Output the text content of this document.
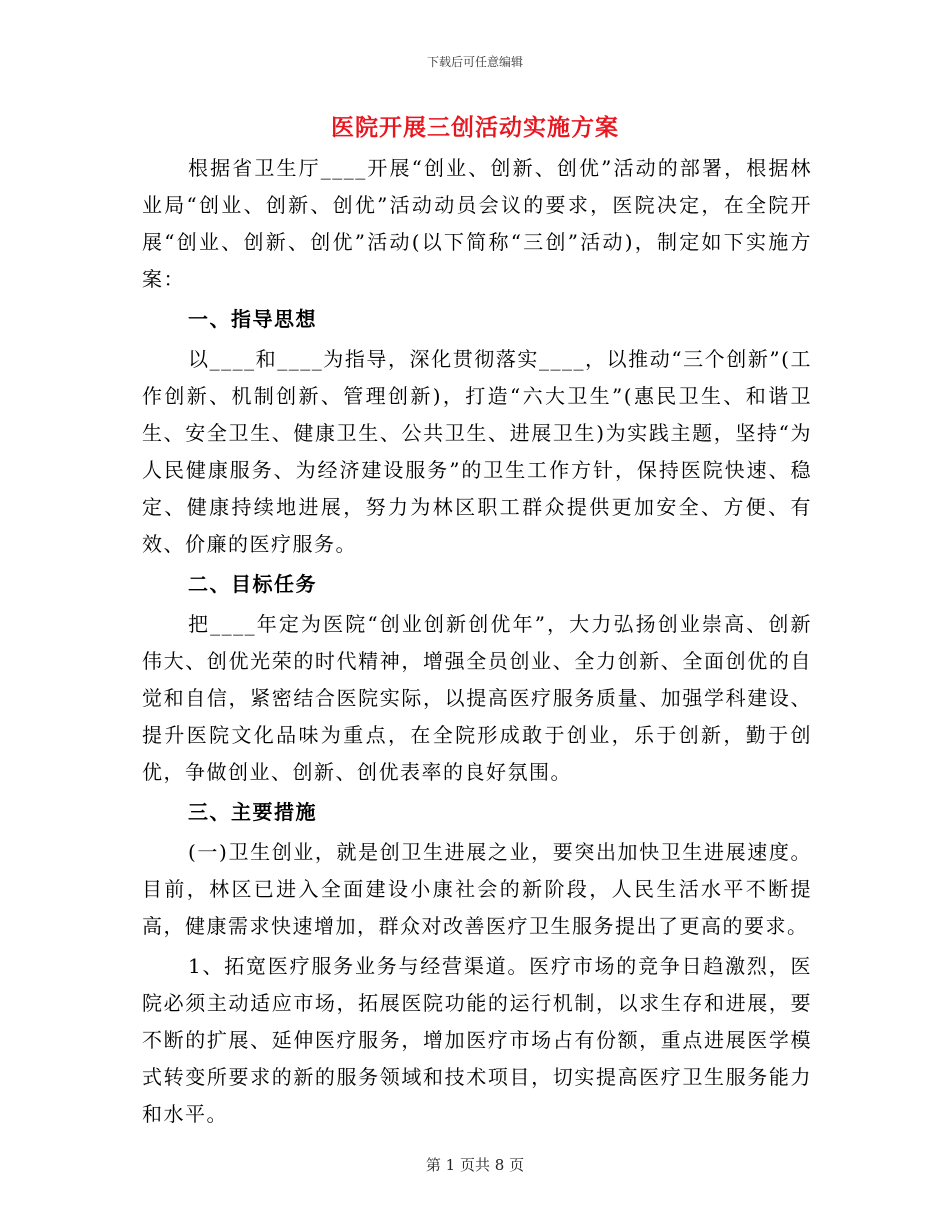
下载后可任意编辑
医院开展三创活动实施方案

根据省卫生厅____开展“创业、创新、创优”活动的部署，根据林业局“创业、创新、创优”活动动员会议的要求，医院决定，在全院开展“创业、创新、创优”活动(以下简称“三创”活动)，制定如下实施方案：

一、指导思想

以____和____为指导，深化贯彻落实____，以推动“三个创新”(工作创新、机制创新、管理创新)，打造“六大卫生”(惠民卫生、和谐卫生、安全卫生、健康卫生、公共卫生、进展卫生)为实践主题，坚持“为人民健康服务、为经济建设服务”的卫生工作方针，保持医院快速、稳定、健康持续地进展，努力为林区职工群众提供更加安全、方便、有效、价廉的医疗服务。

二、目标任务

把____年定为医院“创业创新创优年”，大力弘扬创业崇高、创新伟大、创优光荣的时代精神，增强全员创业、全力创新、全面创优的自觉和自信，紧密结合医院实际，以提高医疗服务质量、加强学科建设、提升医院文化品味为重点，在全院形成敢于创业，乐于创新，勤于创优，争做创业、创新、创优表率的良好氛围。

三、主要措施

(一)卫生创业，就是创卫生进展之业，要突出加快卫生进展速度。目前，林区已进入全面建设小康社会的新阶段，人民生活水平不断提高，健康需求快速增加，群众对改善医疗卫生服务提出了更高的要求。

1、拓宽医疗服务业务与经营渠道。医疗市场的竞争日趋激烈，医院必须主动适应市场，拓展医院功能的运行机制，以求生存和进展，要不断的扩展、延伸医疗服务，增加医疗市场占有份额，重点进展医学模式转变所要求的新的服务领域和技术项目，切实提高医疗卫生服务能力和水平。

第 1 页共 8 页
